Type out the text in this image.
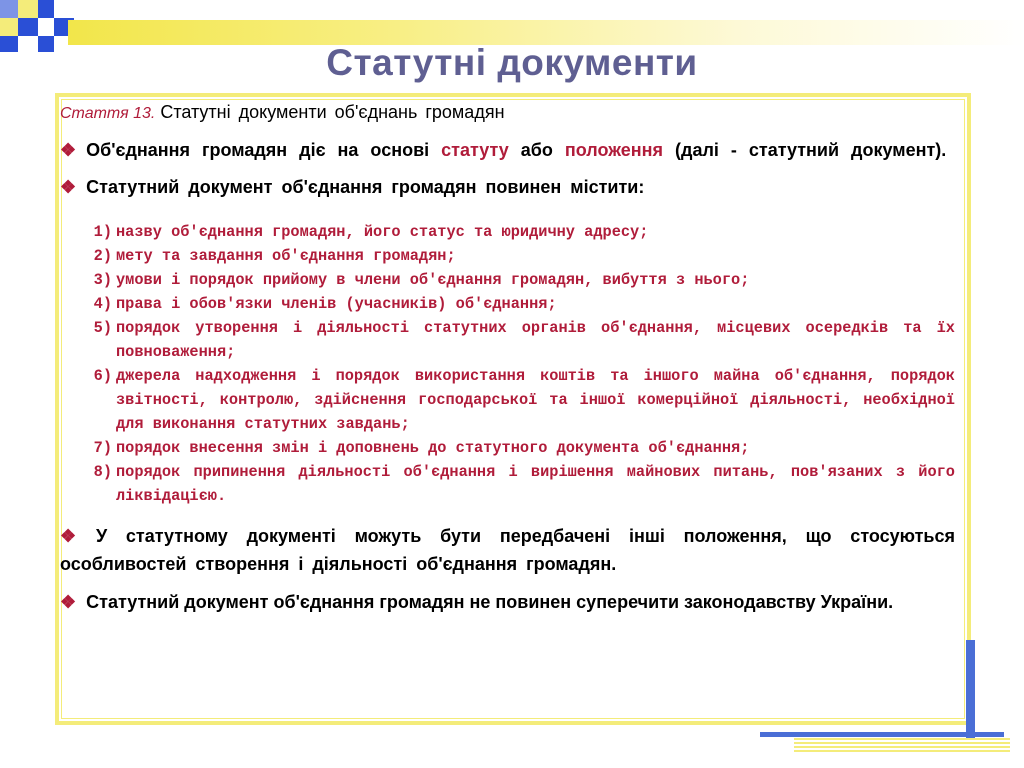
Статутні документи
Стаття 13. Статутні документи об'єднань громадян
❖ Об'єднання громадян діє на основі статуту або положення (далі - статутний документ).
❖ Статутний документ об'єднання громадян повинен містити:
1) назву об'єднання громадян, його статус та юридичну адресу;
2) мету та завдання об'єднання громадян;
3) умови і порядок прийому в члени об'єднання громадян, вибуття з нього;
4) права і обов'язки членів (учасників) об'єднання;
5) порядок утворення і діяльності статутних органів об'єднання, місцевих осередків та їх повноваження;
6) джерела надходження і порядок використання коштів та іншого майна об'єднання, порядок звітності, контролю, здійснення господарської та іншої комерційної діяльності, необхідної для виконання статутних завдань;
7) порядок внесення змін і доповнень до статутного документа об'єднання;
8) порядок припинення діяльності об'єднання і вирішення майнових питань, пов'язаних з його ліквідацією.
❖ У статутному документі можуть бути передбачені інші положення, що стосуються особливостей створення і діяльності об'єднання громадян.
❖ Статутний документ об'єднання громадян не повинен суперечити законодавству України.
